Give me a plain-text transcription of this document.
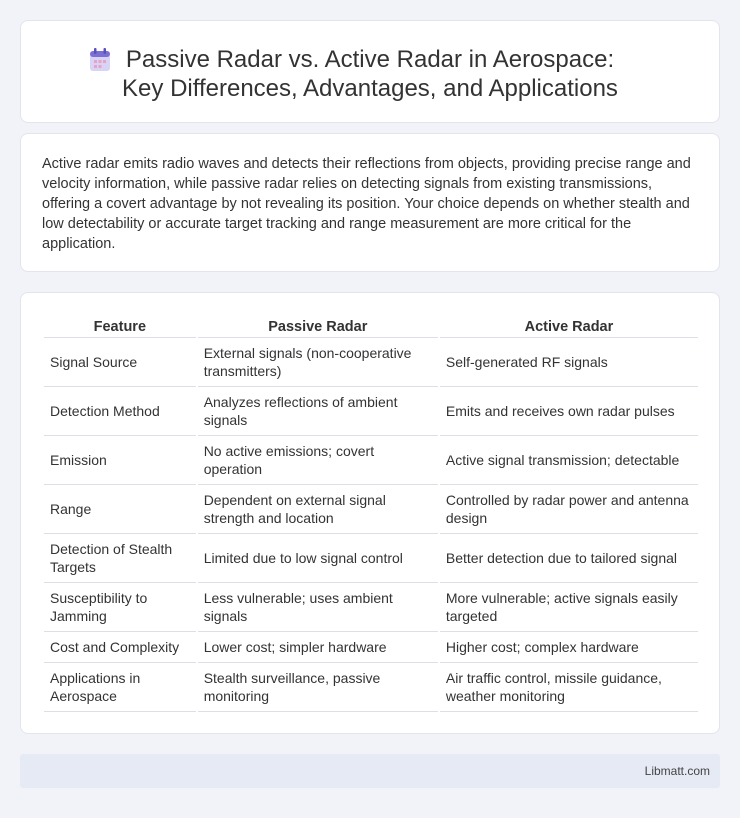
Passive Radar vs. Active Radar in Aerospace: Key Differences, Advantages, and Applications

Active radar emits radio waves and detects their reflections from objects, providing precise range and velocity information, while passive radar relies on detecting signals from existing transmissions, offering a covert advantage by not revealing its position. Your choice depends on whether stealth and low detectability or accurate target tracking and range measurement are more critical for the application.

Feature	Passive Radar	Active Radar
Signal Source	External signals (non-cooperative transmitters)	Self-generated RF signals
Detection Method	Analyzes reflections of ambient signals	Emits and receives own radar pulses
Emission	No active emissions; covert operation	Active signal transmission; detectable
Range	Dependent on external signal strength and location	Controlled by radar power and antenna design
Detection of Stealth Targets	Limited due to low signal control	Better detection due to tailored signal
Susceptibility to Jamming	Less vulnerable; uses ambient signals	More vulnerable; active signals easily targeted
Cost and Complexity	Lower cost; simpler hardware	Higher cost; complex hardware
Applications in Aerospace	Stealth surveillance, passive monitoring	Air traffic control, missile guidance, weather monitoring
Libmatt.com
